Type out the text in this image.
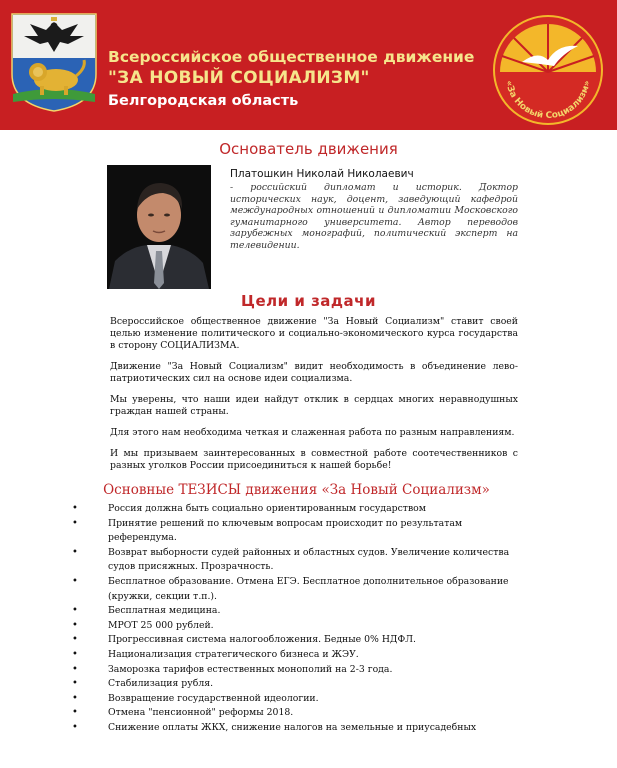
Всероссийское общественное движение
"ЗА НОВЫЙ СОЦИАЛИЗМ"
Белгородская область
«За Новый Социализм»
Основатель движения
Платошкин Николай Николаевич
- российский дипломат и историк. Доктор исторических наук, доцент, заведующий кафедрой международных отношений и дипломатии Московского гуманитарного университета. Автор переводов зарубежных монографий, политический эксперт на телевидении.
Цели и задачи

Всероссийское общественное движение "За Новый Социализм" ставит своей целью изменение политического и социально-экономического курса государства в сторону СОЦИАЛИЗМА.

Движение "За Новый Социализм" видит необходимость в объединение лево-патриотических сил на основе идеи социализма.

Мы уверены, что наши идеи найдут отклик в сердцах многих неравнодушных граждан нашей страны.

Для этого нам необходима четкая и слаженная работа по разным направлениям.

И мы призываем заинтересованных в совместной работе соотечественников с разных уголков России присоединиться к нашей борьбе!

Основные ТЕЗИСЫ движения «За Новый Социализм»
• Россия должна быть социально ориентированным государством
• Принятие решений по ключевым вопросам происходит по результатам референдума.
• Возврат выборности судей районных и областных судов. Увеличение количества судов присяжных. Прозрачность.
• Бесплатное образование. Отмена ЕГЭ. Бесплатное дополнительное образование (кружки, секции т.п.).
• Бесплатная медицина.
• МРОТ 25 000 рублей.
• Прогрессивная система налогообложения. Бедные 0% НДФЛ.
• Национализация стратегического бизнеса и ЖЭУ.
• Заморозка тарифов естественных монополий на 2-3 года.
• Стабилизация рубля.
• Возвращение государственной идеологии.
• Отмена "пенсионной" реформы 2018.
• Снижение оплаты ЖКХ, снижение налогов на земельные и приусадебных
